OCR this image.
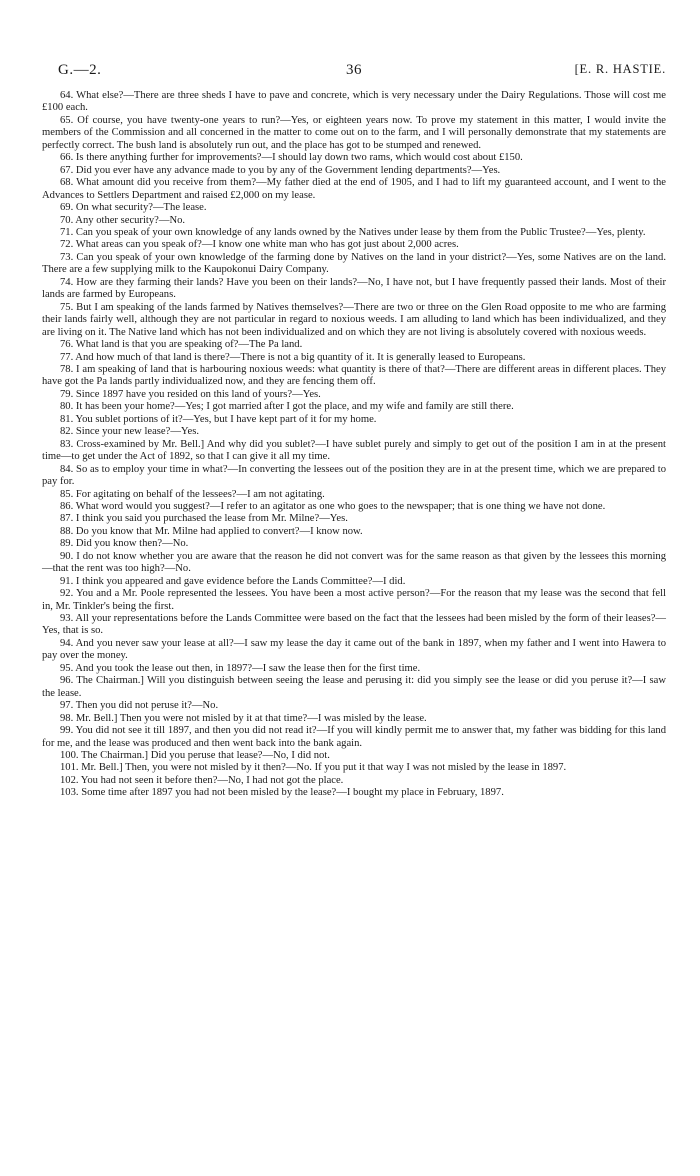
G.—2.	36	[E. R. HASTIE.

64. What else?—There are three sheds I have to pave and concrete, which is very necessary under the Dairy Regulations. Those will cost me £100 each.

65. Of course, you have twenty-one years to run?—Yes, or eighteen years now. To prove my statement in this matter, I would invite the members of the Commission and all concerned in the matter to come out on to the farm, and I will personally demonstrate that my statements are perfectly correct. The bush land is absolutely run out, and the place has got to be stumped and renewed.

66. Is there anything further for improvements?—I should lay down two rams, which would cost about £150.

67. Did you ever have any advance made to you by any of the Government lending departments?—Yes.

68. What amount did you receive from them?—My father died at the end of 1905, and I had to lift my guaranteed account, and I went to the Advances to Settlers Department and raised £2,000 on my lease.

69. On what security?—The lease.

70. Any other security?—No.

71. Can you speak of your own knowledge of any lands owned by the Natives under lease by them from the Public Trustee?—Yes, plenty.

72. What areas can you speak of?—I know one white man who has got just about 2,000 acres.

73. Can you speak of your own knowledge of the farming done by Natives on the land in your district?—Yes, some Natives are on the land. There are a few supplying milk to the Kaupokonui Dairy Company.

74. How are they farming their lands? Have you been on their lands?—No, I have not, but I have frequently passed their lands. Most of their lands are farmed by Europeans.

75. But I am speaking of the lands farmed by Natives themselves?—There are two or three on the Glen Road opposite to me who are farming their lands fairly well, although they are not particular in regard to noxious weeds. I am alluding to land which has been individualized, and they are living on it. The Native land which has not been individualized and on which they are not living is absolutely covered with noxious weeds.

76. What land is that you are speaking of?—The Pa land.

77. And how much of that land is there?—There is not a big quantity of it. It is generally leased to Europeans.

78. I am speaking of land that is harbouring noxious weeds: what quantity is there of that?—There are different areas in different places. They have got the Pa lands partly individualized now, and they are fencing them off.

79. Since 1897 have you resided on this land of yours?—Yes.

80. It has been your home?—Yes; I got married after I got the place, and my wife and family are still there.

81. You sublet portions of it?—Yes, but I have kept part of it for my home.

82. Since your new lease?—Yes.

83. Cross-examined by Mr. Bell.] And why did you sublet?—I have sublet purely and simply to get out of the position I am in at the present time—to get under the Act of 1892, so that I can give it all my time.

84. So as to employ your time in what?—In converting the lessees out of the position they are in at the present time, which we are prepared to pay for.

85. For agitating on behalf of the lessees?—I am not agitating.

86. What word would you suggest?—I refer to an agitator as one who goes to the newspaper; that is one thing we have not done.

87. I think you said you purchased the lease from Mr. Milne?—Yes.

88. Do you know that Mr. Milne had applied to convert?—I know now.

89. Did you know then?—No.

90. I do not know whether you are aware that the reason he did not convert was for the same reason as that given by the lessees this morning—that the rent was too high?—No.

91. I think you appeared and gave evidence before the Lands Committee?—I did.

92. You and a Mr. Poole represented the lessees. You have been a most active person?—For the reason that my lease was the second that fell in, Mr. Tinkler's being the first.

93. All your representations before the Lands Committee were based on the fact that the lessees had been misled by the form of their leases?—Yes, that is so.

94. And you never saw your lease at all?—I saw my lease the day it came out of the bank in 1897, when my father and I went into Hawera to pay over the money.

95. And you took the lease out then, in 1897?—I saw the lease then for the first time.

96. The Chairman.] Will you distinguish between seeing the lease and perusing it: did you simply see the lease or did you peruse it?—I saw the lease.

97. Then you did not peruse it?—No.

98. Mr. Bell.] Then you were not misled by it at that time?—I was misled by the lease.

99. You did not see it till 1897, and then you did not read it?—If you will kindly permit me to answer that, my father was bidding for this land for me, and the lease was produced and then went back into the bank again.

100. The Chairman.] Did you peruse that lease?—No, I did not.

101. Mr. Bell.] Then, you were not misled by it then?—No. If you put it that way I was not misled by the lease in 1897.

102. You had not seen it before then?—No, I had not got the place.

103. Some time after 1897 you had not been misled by the lease?—I bought my place in February, 1897.
